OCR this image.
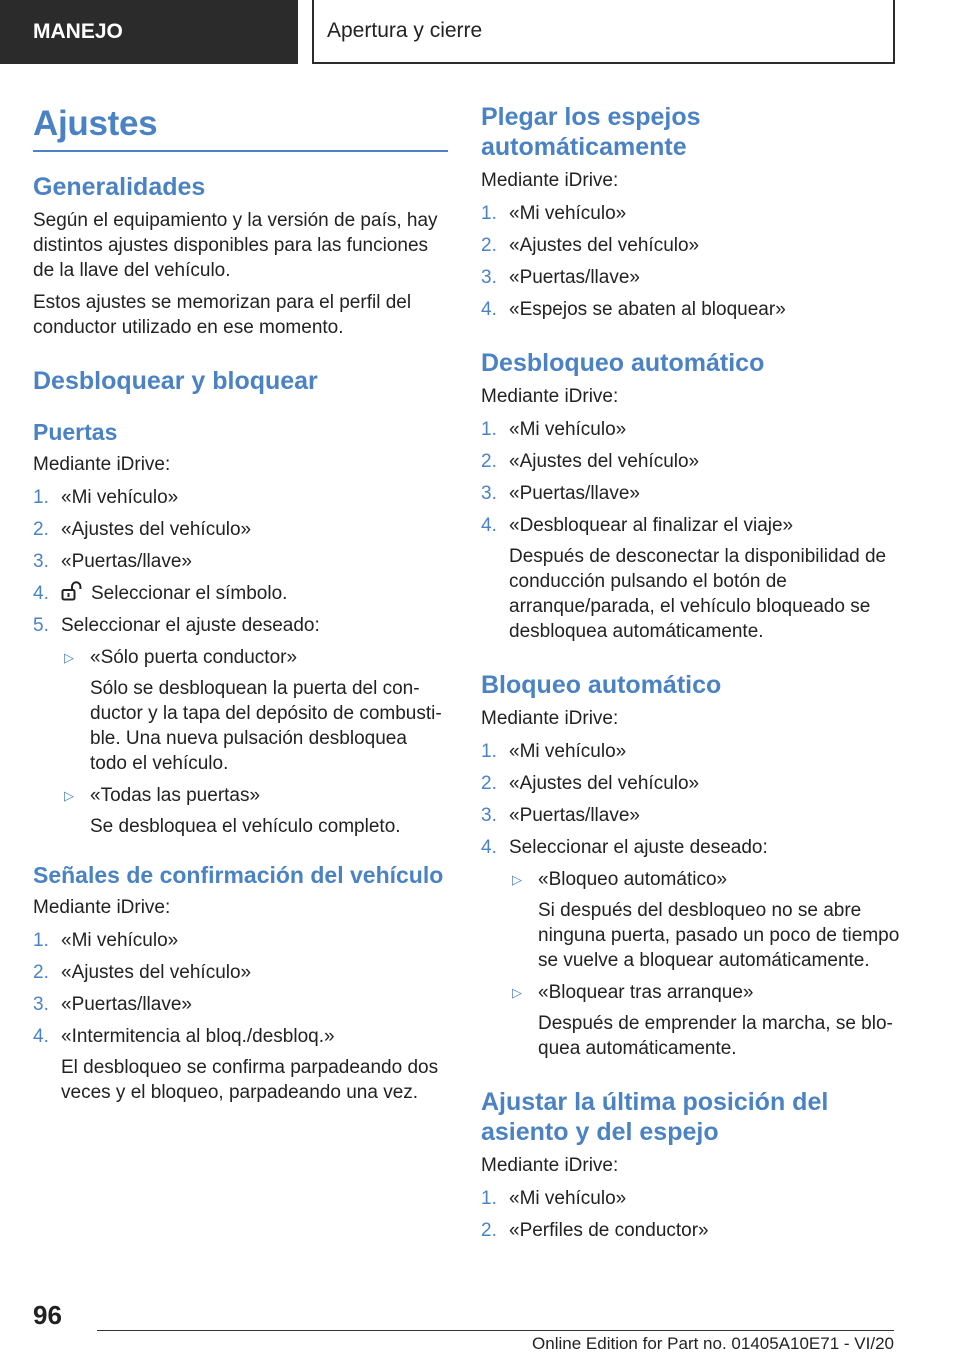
MANEJO	Apertura y cierre
Ajustes
Generalidades
Según el equipamiento y la versión de país, hay distintos ajustes disponibles para las funciones de la llave del vehículo.
Estos ajustes se memorizan para el perfil del conductor utilizado en ese momento.
Desbloquear y bloquear
Puertas
Mediante iDrive:
1. «Mi vehículo»
2. «Ajustes del vehículo»
3. «Puertas/llave»
4. Seleccionar el símbolo.
5. Seleccionar el ajuste deseado:
▷ «Sólo puerta conductor»
Sólo se desbloquean la puerta del conductor y la tapa del depósito de combustible. Una nueva pulsación desbloquea todo el vehículo.
▷ «Todas las puertas»
Se desbloquea el vehículo completo.
Señales de confirmación del vehículo
Mediante iDrive:
1. «Mi vehículo»
2. «Ajustes del vehículo»
3. «Puertas/llave»
4. «Intermitencia al bloq./desbloq.»
El desbloqueo se confirma parpadeando dos veces y el bloqueo, parpadeando una vez.
Plegar los espejos automáticamente
Mediante iDrive:
1. «Mi vehículo»
2. «Ajustes del vehículo»
3. «Puertas/llave»
4. «Espejos se abaten al bloquear»
Desbloqueo automático
Mediante iDrive:
1. «Mi vehículo»
2. «Ajustes del vehículo»
3. «Puertas/llave»
4. «Desbloquear al finalizar el viaje»
Después de desconectar la disponibilidad de conducción pulsando el botón de arranque/parada, el vehículo bloqueado se desbloquea automáticamente.
Bloqueo automático
Mediante iDrive:
1. «Mi vehículo»
2. «Ajustes del vehículo»
3. «Puertas/llave»
4. Seleccionar el ajuste deseado:
▷ «Bloqueo automático»
Si después del desbloqueo no se abre ninguna puerta, pasado un poco de tiempo se vuelve a bloquear automáticamente.
▷ «Bloquear tras arranque»
Después de emprender la marcha, se bloquea automáticamente.
Ajustar la última posición del asiento y del espejo
Mediante iDrive:
1. «Mi vehículo»
2. «Perfiles de conductor»
96
Online Edition for Part no. 01405A10E71 - VI/20
